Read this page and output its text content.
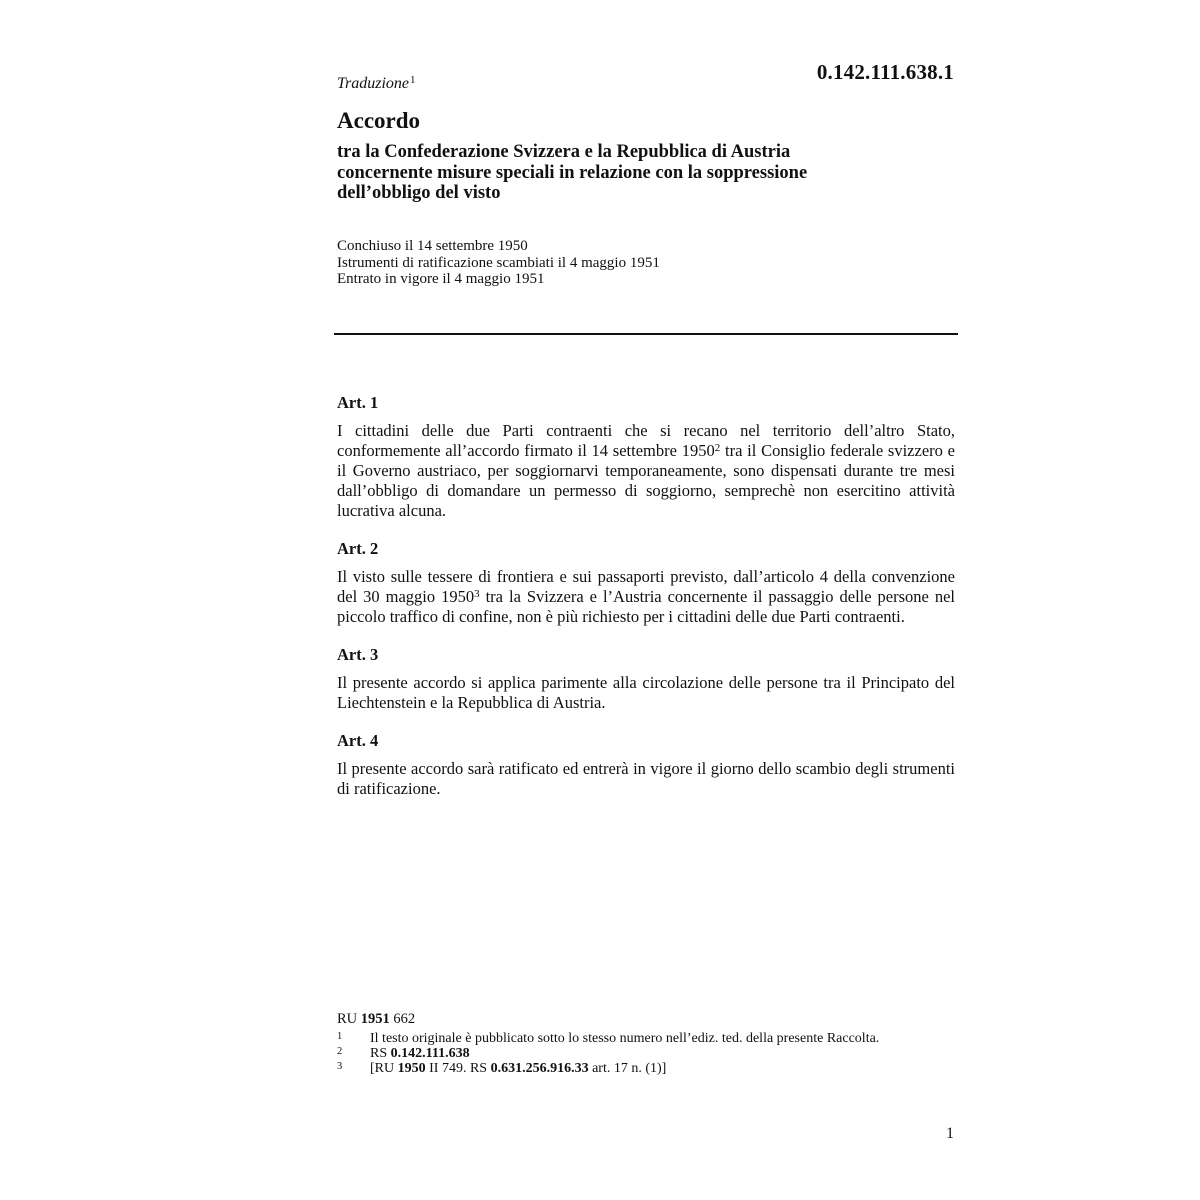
0.142.111.638.1
Traduzione$^1$
Accordo
tra la Confederazione Svizzera e la Repubblica di Austria
concernente misure speciali in relazione con la soppressione
dell’obbligo del visto
Conchiuso il 14 settembre 1950
Istrumenti di ratificazione scambiati il 4 maggio 1951
Entrato in vigore il 4 maggio 1951
Art. 1
I cittadini delle due Parti contraenti che si recano nel territorio dell’altro Stato, conformemente all’accordo firmato il 14 settembre 1950$^2$ tra il Consiglio federale svizzero e il Governo austriaco, per soggiornarvi temporaneamente, sono dispensati durante tre mesi dall’obbligo di domandare un permesso di soggiorno, semprechè non esercitino attività lucrativa alcuna.
Art. 2
Il visto sulle tessere di frontiera e sui passaporti previsto, dall’articolo 4 della convenzione del 30 maggio 1950$^3$ tra la Svizzera e l’Austria concernente il passaggio delle persone nel piccolo traffico di confine, non è più richiesto per i cittadini delle due Parti contraenti.
Art. 3
Il presente accordo si applica parimente alla circolazione delle persone tra il Principato del Liechtenstein e la Repubblica di Austria.
Art. 4
Il presente accordo sarà ratificato ed entrerà in vigore il giorno dello scambio degli strumenti di ratificazione.
RU 1951 662
1	Il testo originale è pubblicato sotto lo stesso numero nell’ediz. ted. della presente Raccolta.
2	RS 0.142.111.638
3	[RU 1950 II 749. RS 0.631.256.916.33 art. 17 n. (1)]
1
